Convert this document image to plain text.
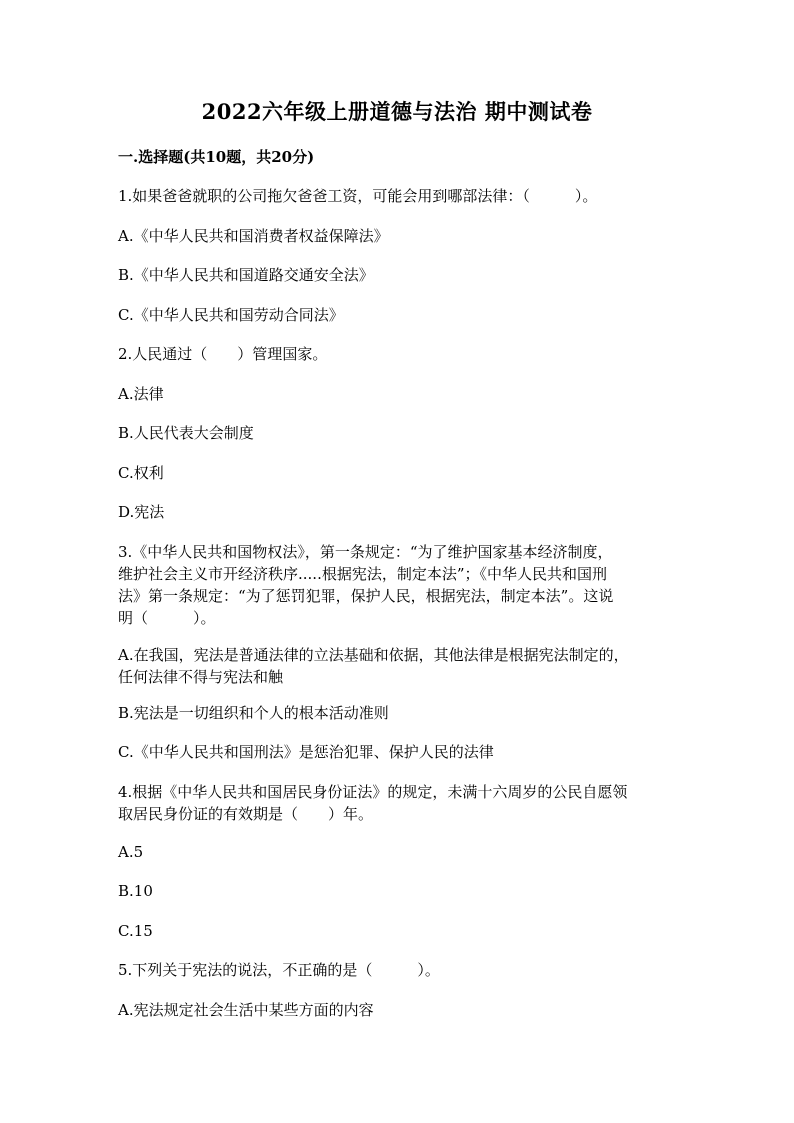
2022六年级上册道德与法治 期中测试卷
一.选择题(共10题，共20分)
1.如果爸爸就职的公司拖欠爸爸工资，可能会用到哪部法律：（　　　）。
A.《中华人民共和国消费者权益保障法》
B.《中华人民共和国道路交通安全法》
C.《中华人民共和国劳动合同法》
2.人民通过（　　）管理国家。
A.法律
B.人民代表大会制度
C.权利
D.宪法
3.《中华人民共和国物权法》，第一条规定：“为了维护国家基本经济制度，
维护社会主义市开经济秩序.....根据宪法，制定本法”；《中华人民共和国刑
法》第一条规定：“为了惩罚犯罪，保护人民，根据宪法，制定本法”。这说
明（　　　）。
A.在我国，宪法是普通法律的立法基础和依据，其他法律是根据宪法制定的，
任何法律不得与宪法和触
B.宪法是一切组织和个人的根本活动准则
C.《中华人民共和国刑法》是惩治犯罪、保护人民的法律
4.根据《中华人民共和国居民身份证法》的规定，未满十六周岁的公民自愿领
取居民身份证的有效期是（　　）年。
A.5
B.10
C.15
5.下列关于宪法的说法，不正确的是（　　　）。
A.宪法规定社会生活中某些方面的内容
